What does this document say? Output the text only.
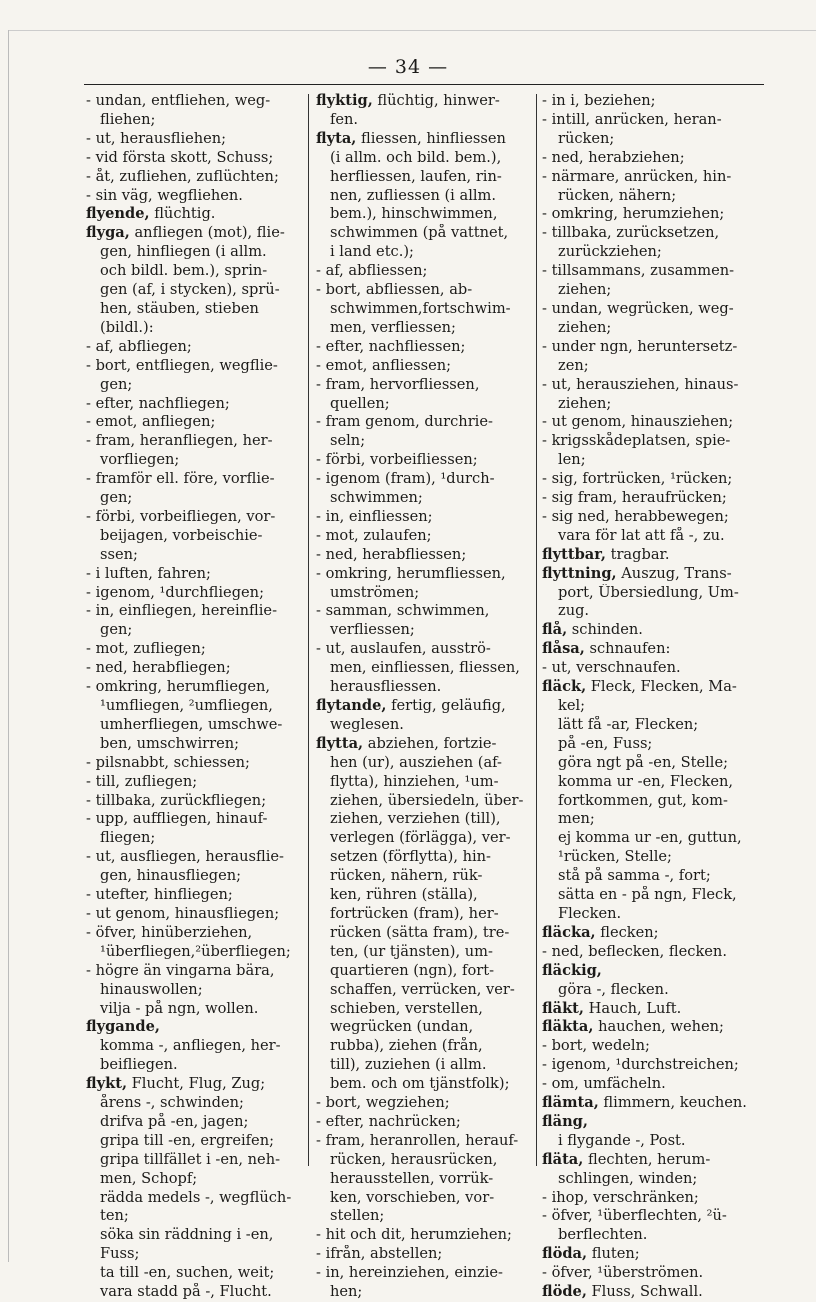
— 34 —
- undan, entfliehen, weg-
fliehen;
- ut, herausfliehen;
- vid första skott, Schuss;
- åt, zufliehen, zuflüchten;
- sin väg, wegfliehen.
flyende, flüchtig.
flyga, anfliegen (mot), flie-
gen, hinfliegen (i allm.
och bildl. bem.), sprin-
gen (af, i stycken), sprü-
hen, stäuben, stieben
(bildl.):
- af, abfliegen;
- bort, entfliegen, wegflie-
gen;
- efter, nachfliegen;
- emot, anfliegen;
- fram, heranfliegen, her-
vorfliegen;
- framför ell. före, vorflie-
gen;
- förbi, vorbeifliegen, vor-
beijagen, vorbeischie-
ssen;
- i luften, fahren;
- igenom, ¹durchfliegen;
- in, einfliegen, hereinflie-
gen;
- mot, zufliegen;
- ned, herabfliegen;
- omkring, herumfliegen,
¹umfliegen, ²umfliegen,
umherfliegen, umschwe-
ben, umschwirren;
- pilsnabbt, schiessen;
- till, zufliegen;
- tillbaka, zurückfliegen;
- upp, auffliegen, hinauf-
fliegen;
- ut, ausfliegen, herausflie-
gen, hinausfliegen;
- utefter, hinfliegen;
- ut genom, hinausfliegen;
- öfver, hinüberziehen,
¹überfliegen,²überfliegen;
- högre än vingarna bära,
hinauswollen;
vilja - på ngn, wollen.
flygande,
komma -, anfliegen, her-
beifliegen.
flykt, Flucht, Flug, Zug;
årens -, schwinden;
drifva på -en, jagen;
gripa till -en, ergreifen;
gripa tillfället i -en, neh-
men, Schopf;
rädda medels -, wegflüch-
ten;
söka sin räddning i -en,
Fuss;
ta till -en, suchen, weit;
vara stadd på -, Flucht.
flyktig, flüchtig, hinwer-
fen.
flyta, fliessen, hinfliessen
(i allm. och bild. bem.),
herfliessen, laufen, rin-
nen, zufliessen (i allm.
bem.), hinschwimmen,
schwimmen (på vattnet,
i land etc.);
- af, abfliessen;
- bort, abfliessen, ab-
schwimmen,fortschwim-
men, verfliessen;
- efter, nachfliessen;
- emot, anfliessen;
- fram, hervorfliessen,
quellen;
- fram genom, durchrie-
seln;
- förbi, vorbeifliessen;
- igenom (fram), ¹durch-
schwimmen;
- in, einfliessen;
- mot, zulaufen;
- ned, herabfliessen;
- omkring, herumfliessen,
umströmen;
- samman, schwimmen,
verfliessen;
- ut, auslaufen, ausströ-
men, einfliessen, fliessen,
herausfliessen.
flytande, fertig, geläufig,
weglesen.
flytta, abziehen, fortzie-
hen (ur), ausziehen (af-
flytta), hinziehen, ¹um-
ziehen, übersiedeln, über-
ziehen, verziehen (till),
verlegen (förlägga), ver-
setzen (förflytta), hin-
rücken, nähern, rük-
ken, rühren (ställa),
fortrücken (fram), her-
rücken (sätta fram), tre-
ten, (ur tjänsten), um-
quartieren (ngn), fort-
schaffen, verrücken, ver-
schieben, verstellen,
wegrücken (undan,
rubba), ziehen (från,
till), zuziehen (i allm.
bem. och om tjänstfolk);
- bort, wegziehen;
- efter, nachrücken;
- fram, heranrollen, herauf-
rücken, herausrücken,
herausstellen, vorrük-
ken, vorschieben, vor-
stellen;
- hit och dit, herumziehen;
- ifrån, abstellen;
- in, hereinziehen, einzie-
hen;
- in i, beziehen;
- intill, anrücken, heran-
rücken;
- ned, herabziehen;
- närmare, anrücken, hin-
rücken, nähern;
- omkring, herumziehen;
- tillbaka, zurücksetzen,
zurückziehen;
- tillsammans, zusammen-
ziehen;
- undan, wegrücken, weg-
ziehen;
- under ngn, heruntersetz-
zen;
- ut, herausziehen, hinaus-
ziehen;
- ut genom, hinausziehen;
- krigsskådeplatsen, spie-
len;
- sig, fortrücken, ¹rücken;
- sig fram, heraufrücken;
- sig ned, herabbewegen;
vara för lat att få -, zu.
flyttbar, tragbar.
flyttning, Auszug, Trans-
port, Übersiedlung, Um-
zug.
flå, schinden.
flåsa, schnaufen:
- ut, verschnaufen.
fläck, Fleck, Flecken, Ma-
kel;
lätt få -ar, Flecken;
på -en, Fuss;
göra ngt på -en, Stelle;
komma ur -en, Flecken,
fortkommen, gut, kom-
men;
ej komma ur -en, guttun,
¹rücken, Stelle;
stå på samma -, fort;
sätta en - på ngn, Fleck,
Flecken.
fläcka, flecken;
- ned, beflecken, flecken.
fläckig,
göra -, flecken.
fläkt, Hauch, Luft.
fläkta, hauchen, wehen;
- bort, wedeln;
- igenom, ¹durchstreichen;
- om, umfächeln.
flämta, flimmern, keuchen.
fläng,
i flygande -, Post.
fläta, flechten, herum-
schlingen, winden;
- ihop, verschränken;
- öfver, ¹überflechten, ²ü-
berflechten.
flöda, fluten;
- öfver, ¹überströmen.
flöde, Fluss, Schwall.
